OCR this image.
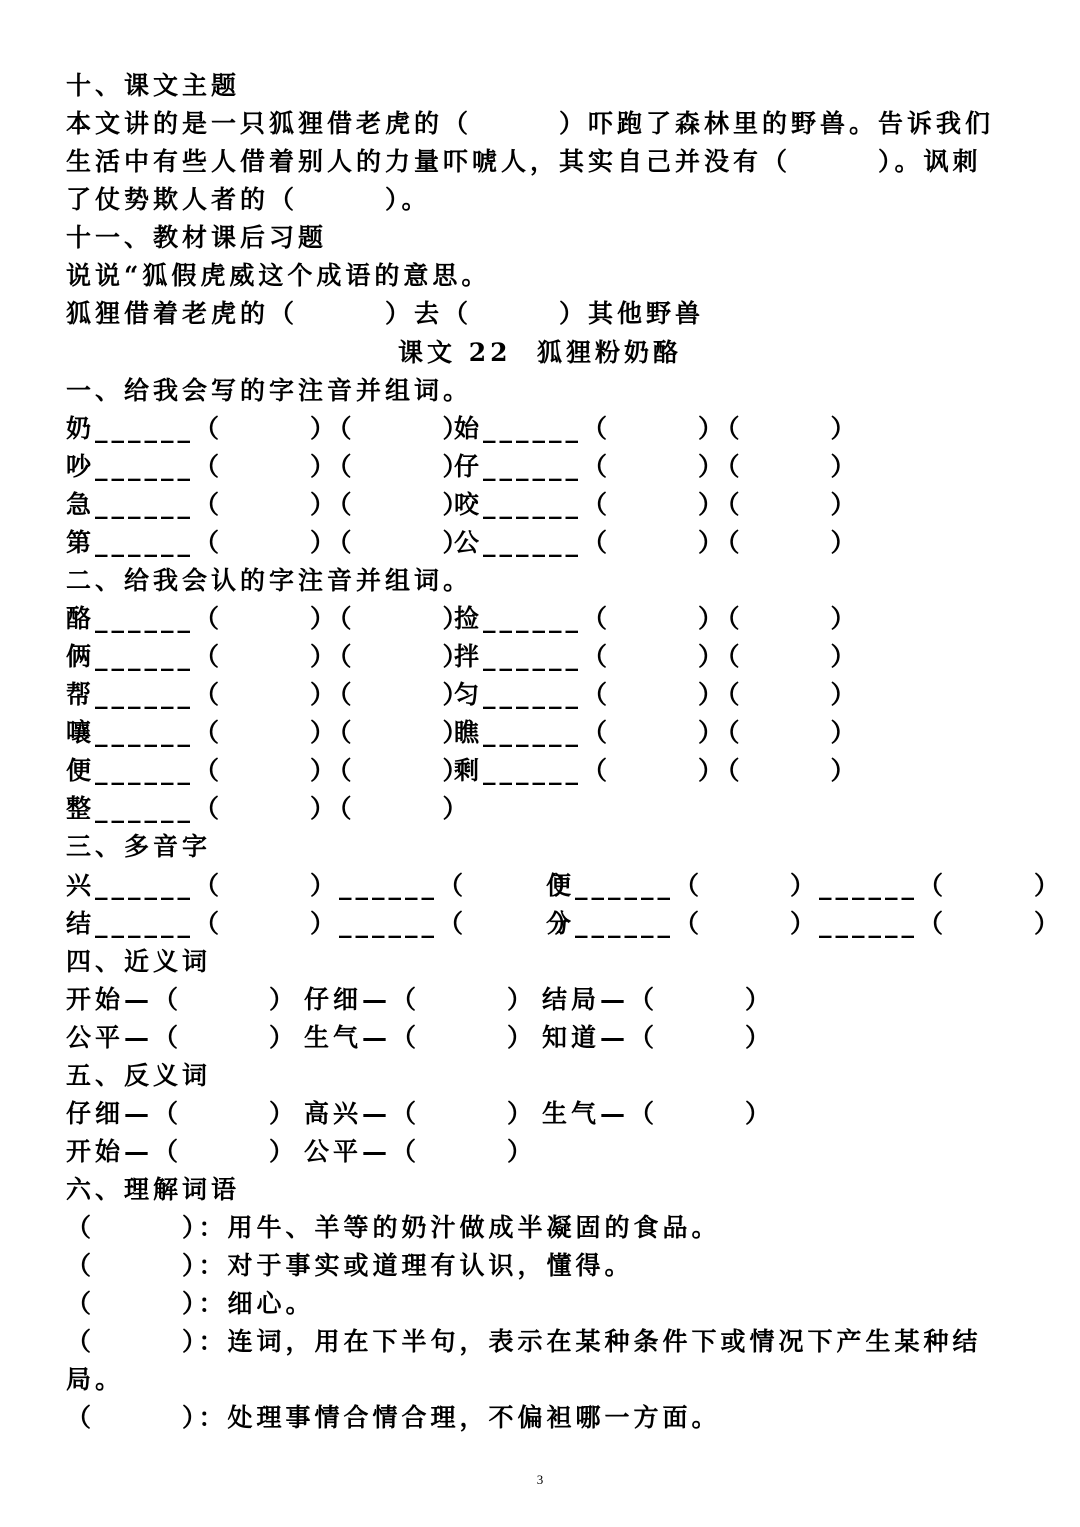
十、课文主题
本文讲的是一只狐狸借老虎的（　　　）吓跑了森林里的野兽。告诉我们
生活中有些人借着别人的力量吓唬人，其实自己并没有（　　　）。讽刺
了仗势欺人者的（　　　）。
十一、教材课后习题
说说“狐假虎威这个成语的意思。
狐狸借着老虎的（　　　）去（　　　）其他野兽
课文 22  狐狸粉奶酪
一、给我会写的字注音并组词。

奶______（　　　）（　　　）

始______（　　　）（　　　）

吵______（　　　）（　　　）

仔______（　　　）（　　　）

急______（　　　）（　　　）

咬______（　　　）（　　　）

第______（　　　）（　　　）

公______（　　　）（　　　）

二、给我会认的字注音并组词。

酪______（　　　）（　　　）

捡______（　　　）（　　　）

俩______（　　　）（　　　）

拌______（　　　）（　　　）

帮______（　　　）（　　　）

匀______（　　　）（　　　）

嚷______（　　　）（　　　）

瞧______（　　　）（　　　）

便______（　　　）（　　　）

剩______（　　　）（　　　）

整______（　　　）（　　　）

三、多音字

兴______（　　　）______（　　　）

便______（　　　）______（　　　）

结______（　　　）______（　　　）

分______（　　　）______（　　　）

四、近义词

开始—（　　　）

仔细—（　　　）

结局—（　　　）

公平—（　　　）

生气—（　　　）

知道—（　　　）

五、反义词

仔细—（　　　）

高兴—（　　　）

生气—（　　　）

开始—（　　　）

公平—（　　　）

六、理解词语
（　　　）：用牛、羊等的奶汁做成半凝固的食品。
（　　　）：对于事实或道理有认识，懂得。
（　　　）：细心。
（　　　）：连词，用在下半句，表示在某种条件下或情况下产生某种结
局。
（　　　）：处理事情合情合理，不偏袒哪一方面。
3
